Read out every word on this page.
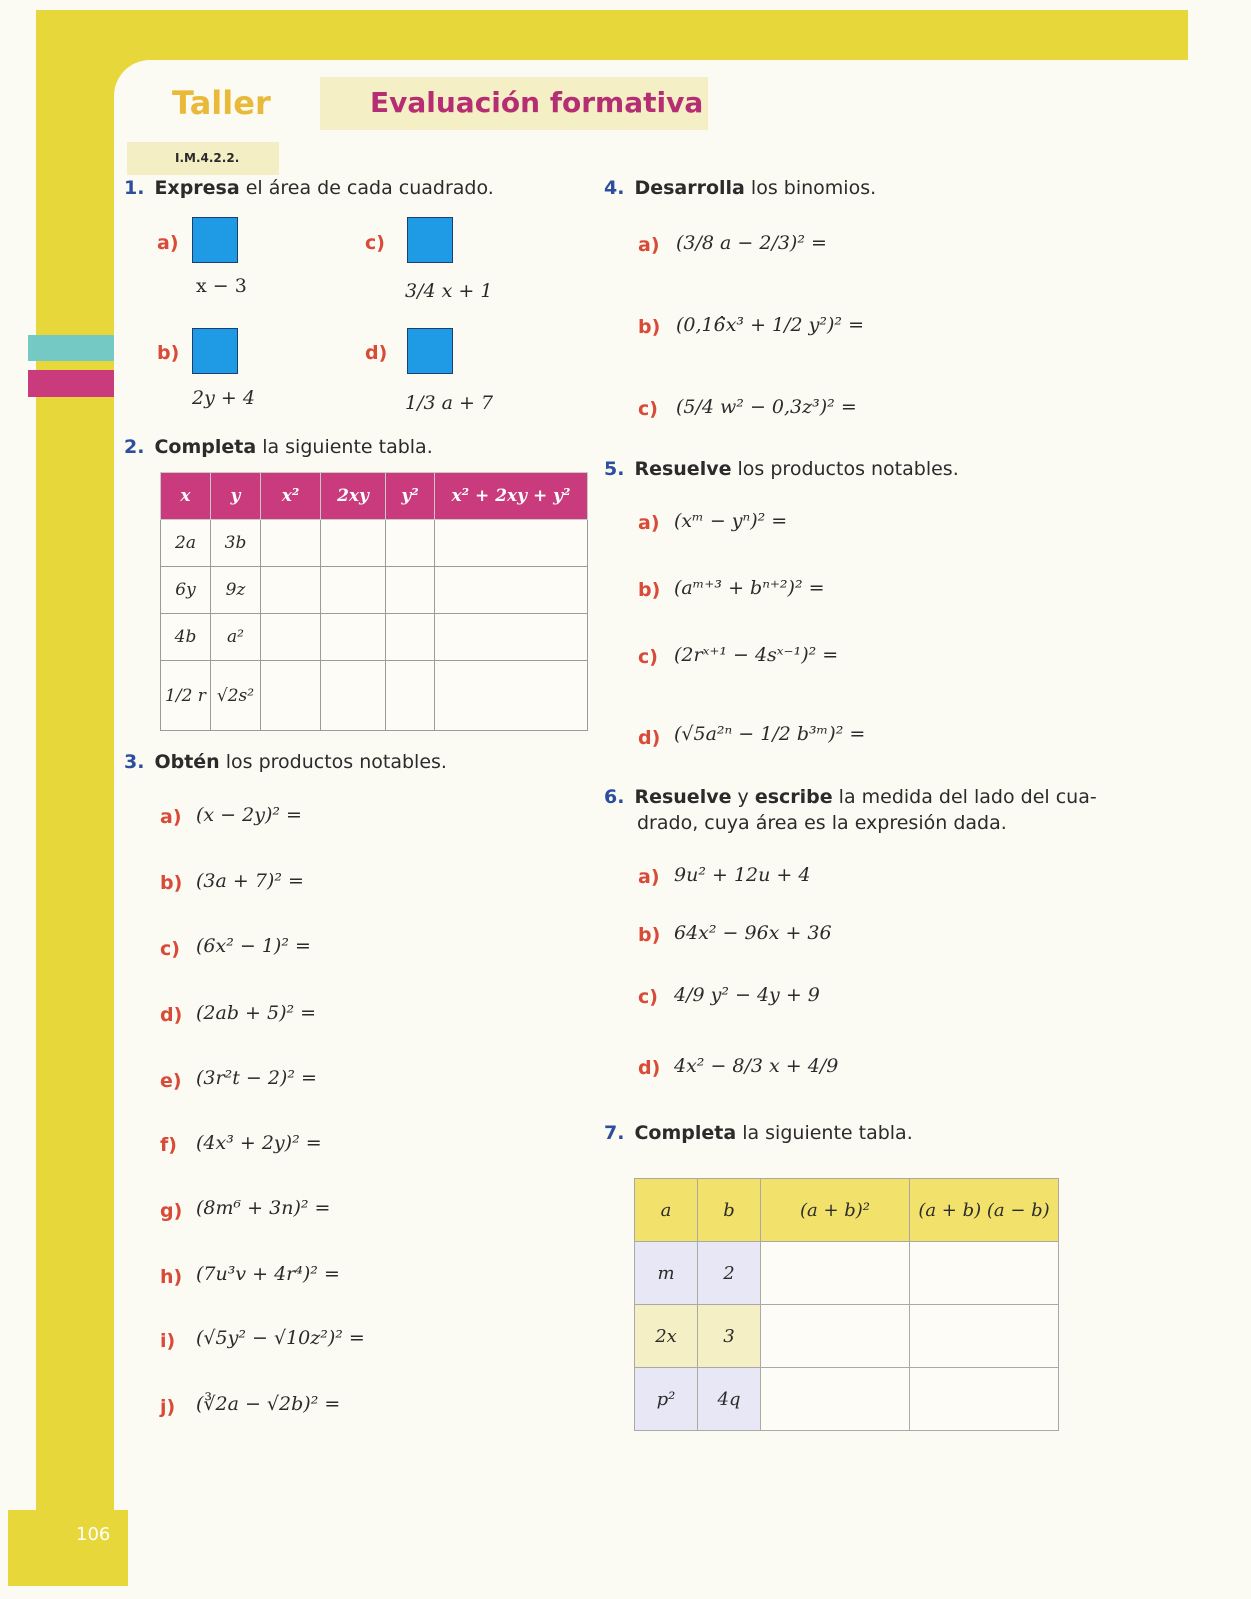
Taller	Evaluación formativa
106
I.M.4.2.2.
1. Expresa el área de cada cuadrado.
a)
x − 3
b)
2y + 4
c)
3/4 x + 1
d)
1/3 a + 7
2. Completa la siguiente tabla.
x	y	x²	2xy	y²	x² + 2xy + y²
2a	3b				
6y	9z				
4b	a²				
1/2 r	√2s²				
3. Obtén los productos notables.
a) (x − 2y)² =
b) (3a + 7)² =
c) (6x² − 1)² =
d) (2ab + 5)² =
e) (3r²t − 2)² =
f) (4x³ + 2y)² =
g) (8m⁶ + 3n)² =
h) (7u³v + 4r⁴)² =
i) (√5y² − √10z²)² =
j) (∛2a − √2b)² =
4. Desarrolla los binomios.
a) (3/8 a − 2/3)² =
b) (0,16̂x³ + 1/2 y²)² =
c) (5/4 w² − 0,3z³)² =
5. Resuelve los productos notables.
a) (xᵐ − yⁿ)² =
b) (aᵐ⁺³ + bⁿ⁺²)² =
c) (2rˣ⁺¹ − 4sˣ⁻¹)² =
d) (√5a²ⁿ − 1/2 b³ᵐ)² =
6. Resuelve y escribe la medida del lado del cua-
drado, cuya área es la expresión dada.
a) 9u² + 12u + 4
b) 64x² − 96x + 36
c) 4/9 y² − 4y + 9
d) 4x² − 8/3 x + 4/9
7. Completa la siguiente tabla.
a	b	(a + b)²	(a + b) (a − b)
m	2		
2x	3		
p²	4q		
